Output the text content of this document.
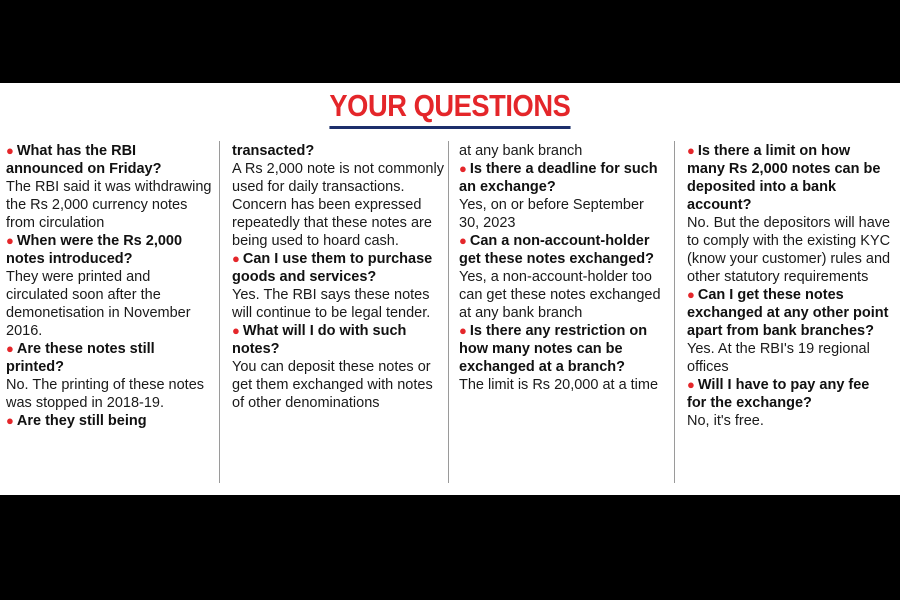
YOUR QUESTIONS

● What has the RBI announced on Friday?

The RBI said it was withdrawing the Rs 2,000 currency notes from circulation

● When were the Rs 2,000 notes introduced?

They were printed and circulated soon after the demonetisation in November 2016.

● Are these notes still printed?

No. The printing of these notes was stopped in 2018-19.

● Are they still being

transacted?

A Rs 2,000 note is not commonly used for daily transactions. Concern has been expressed repeatedly that these notes are being used to hoard cash.

● Can I use them to purchase goods and services?

Yes. The RBI says these notes will continue to be legal tender.

● What will I do with such notes?

You can deposit these notes or get them exchanged with notes of other denominations

at any bank branch

● Is there a deadline for such an exchange?

Yes, on or before September 30, 2023

● Can a non-account-holder get these notes exchanged?

Yes, a non-account-holder too can get these notes exchanged at any bank branch

● Is there any restriction on how many notes can be exchanged at a branch?

The limit is Rs 20,000 at a time

● Is there a limit on how many Rs 2,000 notes can be deposited into a bank account?

No. But the depositors will have to comply with the existing KYC (know your customer) rules and other statutory requirements

● Can I get these notes exchanged at any other point apart from bank branches?

Yes. At the RBI's 19 regional offices

● Will I have to pay any fee for the exchange?

No, it's free.
